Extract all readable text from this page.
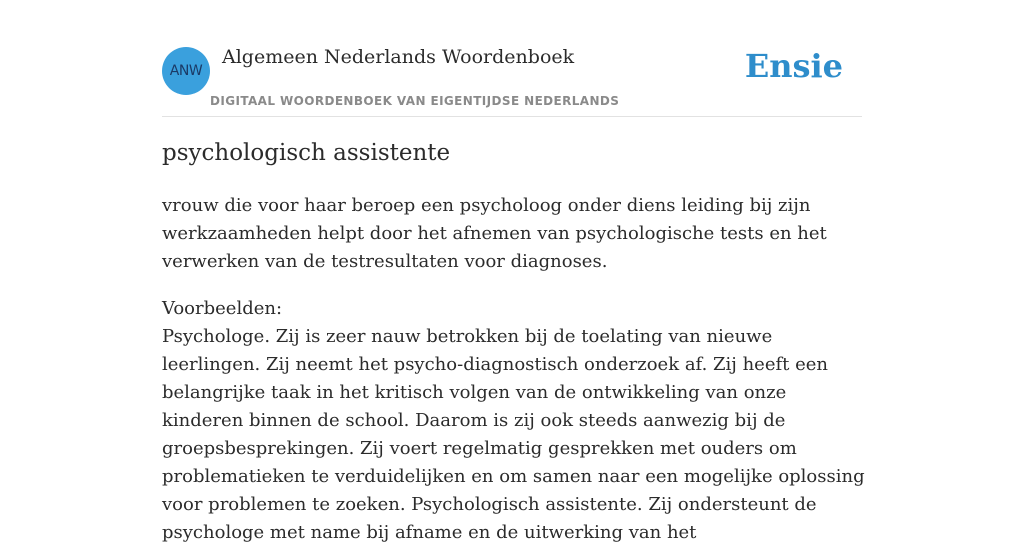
ANW
Algemeen Nederlands Woordenboek
DIGITAAL WOORDENBOEK VAN EIGENTIJDSE NEDERLANDS
Ensie
psychologisch assistente

vrouw die voor haar beroep een psycholoog onder diens leiding bij zijn werkzaamheden helpt door het afnemen van psychologische tests en het verwerken van de testresultaten voor diagnoses.

Voorbeelden:
Psychologe. Zij is zeer nauw betrokken bij de toelating van nieuwe leerlingen. Zij neemt het psycho-diagnostisch onderzoek af. Zij heeft een belangrijke taak in het kritisch volgen van de ontwikkeling van onze kinderen binnen de school. Daarom is zij ook steeds aanwezig bij de groepsbesprekingen. Zij voert regelmatig gesprekken met ouders om problematieken te verduidelijken en om samen naar een mogelijke oplossing voor problemen te zoeken. Psychologisch assistente. Zij ondersteunt de psychologe met name bij afname en de uitwerking van het
